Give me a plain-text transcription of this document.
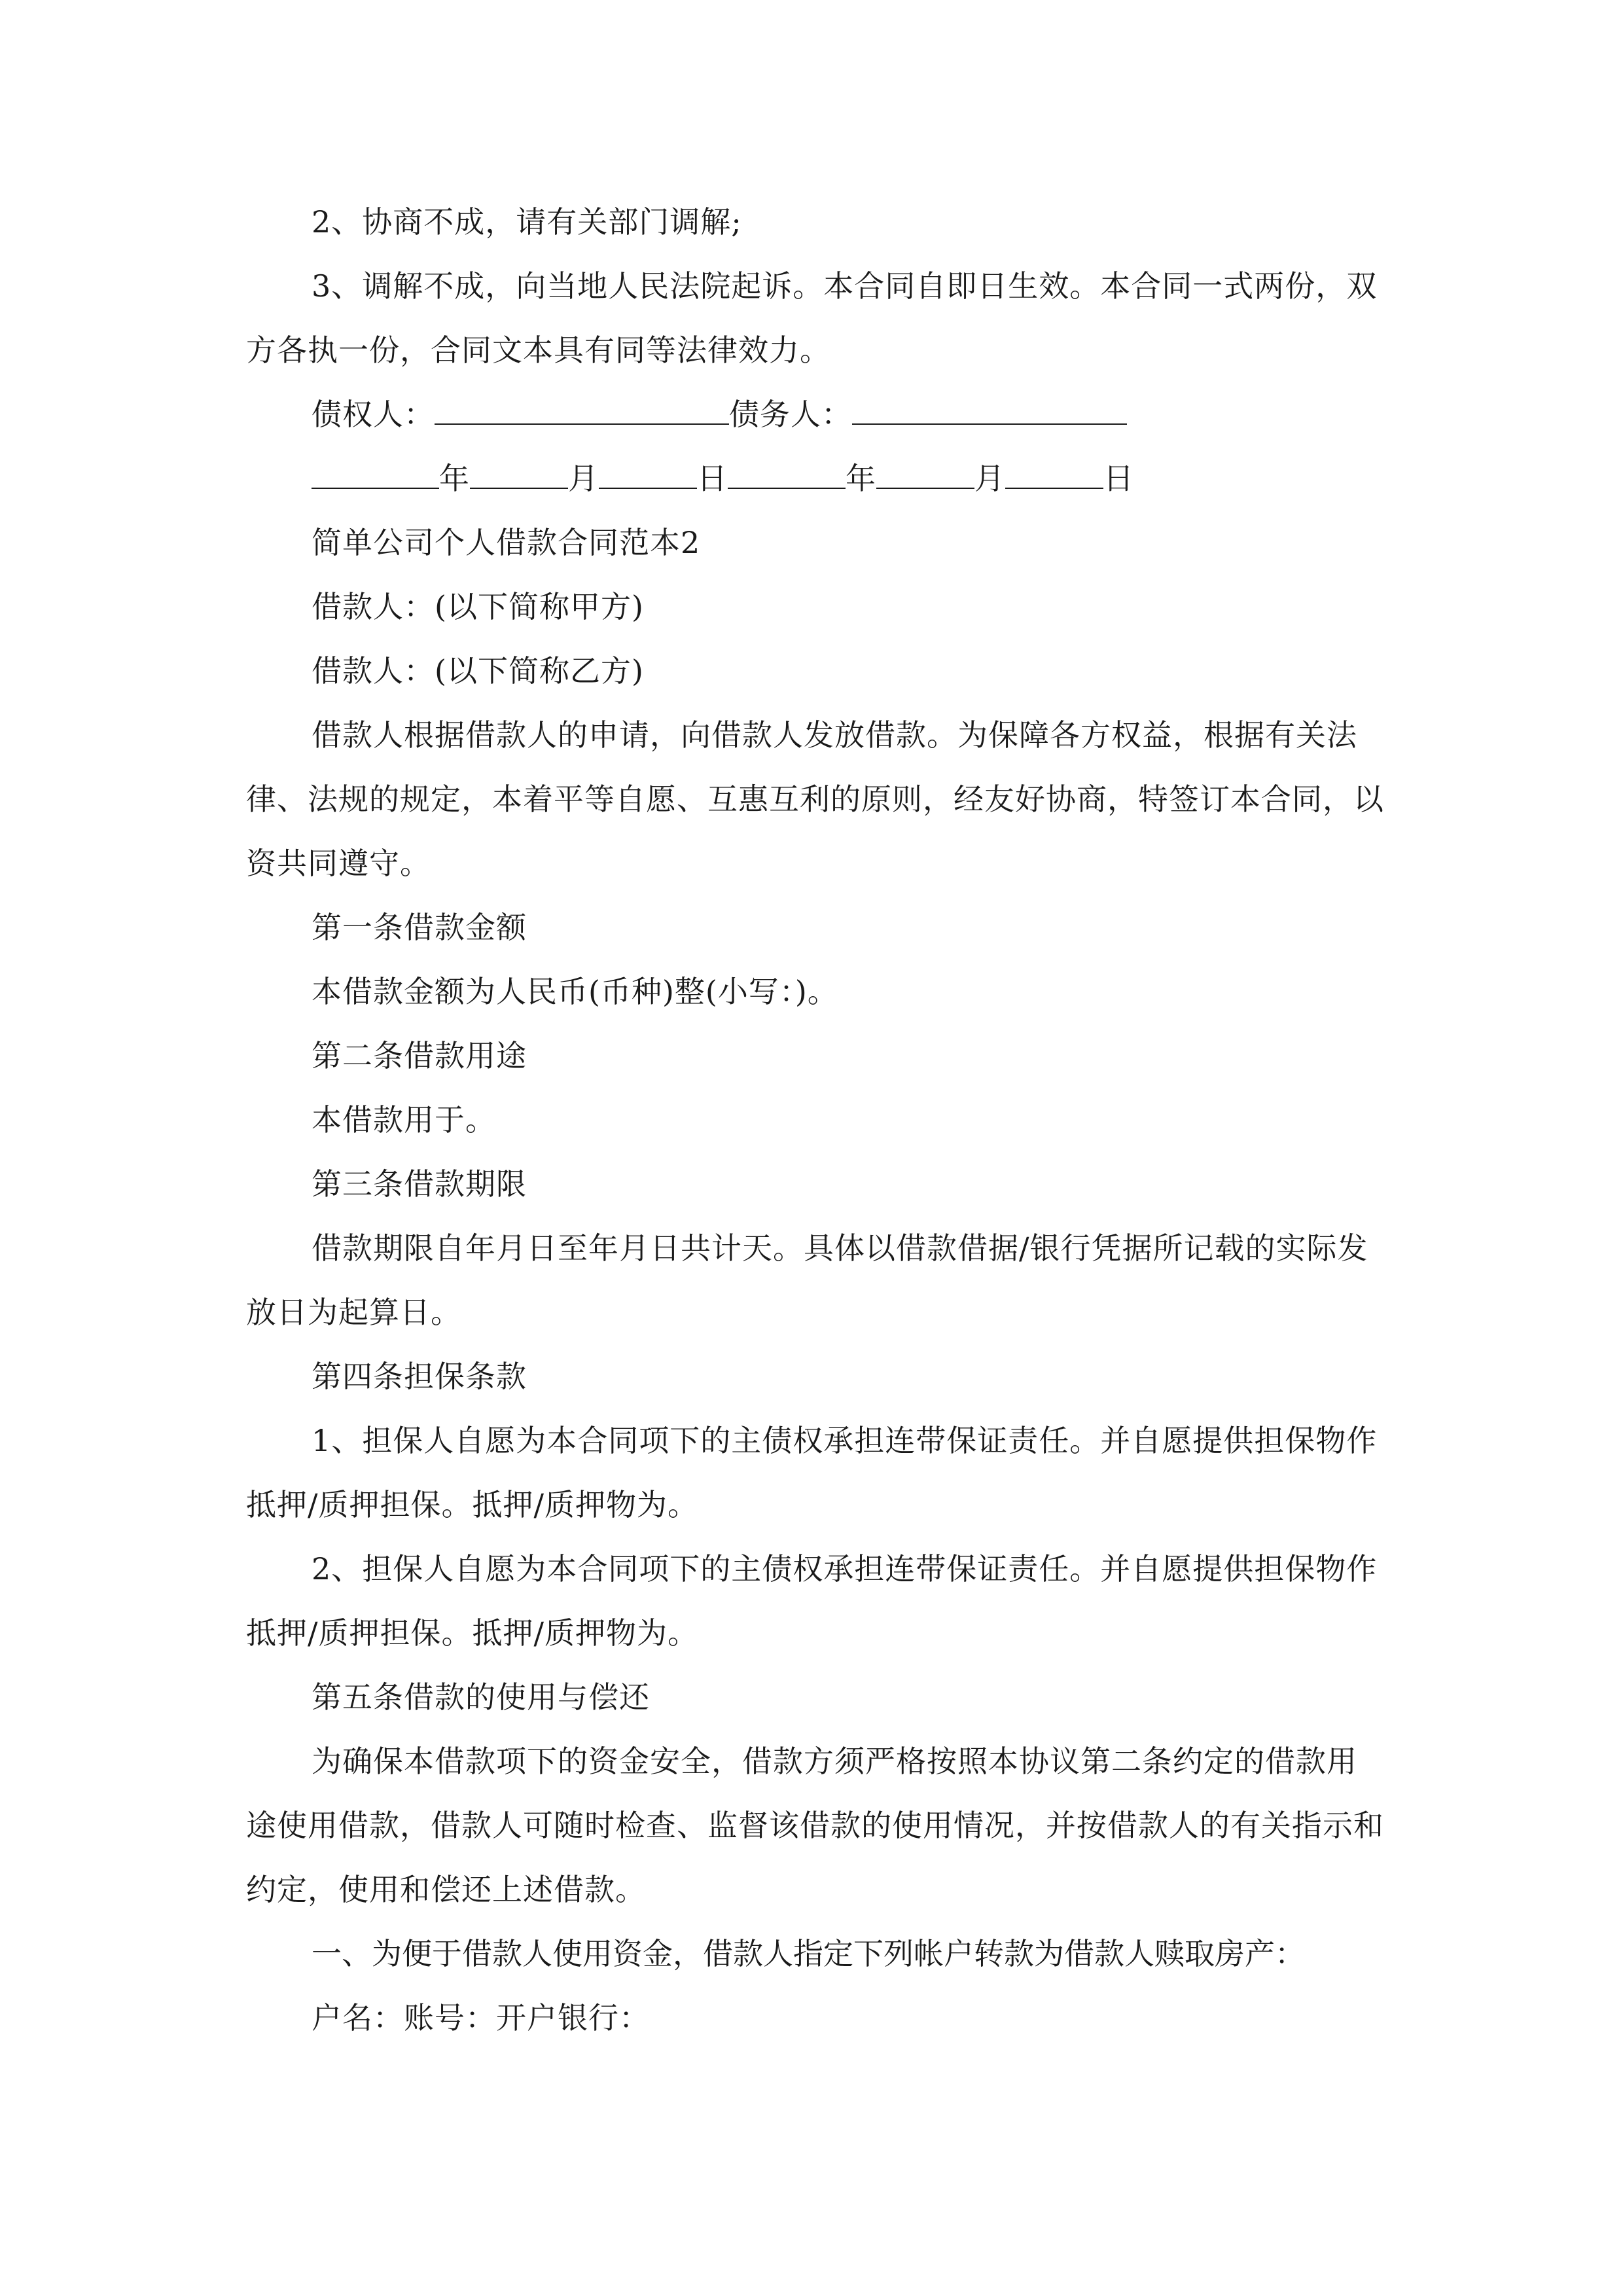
2、协商不成，请有关部门调解;

3、调解不成，向当地人民法院起诉。本合同自即日生效。本合同一式两份，双方各执一份，合同文本具有同等法律效力。

债权人：	债务人：
年	月	日	年	月	日

简单公司个人借款合同范本2

借款人：(以下简称甲方)

借款人：(以下简称乙方)

借款人根据借款人的申请，向借款人发放借款。为保障各方权益，根据有关法律、法规的规定，本着平等自愿、互惠互利的原则，经友好协商，特签订本合同，以资共同遵守。

第一条借款金额

本借款金额为人民币(币种)整(小写：)。

第二条借款用途

本借款用于。

第三条借款期限

借款期限自年月日至年月日共计天。具体以借款借据/银行凭据所记载的实际发放日为起算日。

第四条担保条款

1、担保人自愿为本合同项下的主债权承担连带保证责任。并自愿提供担保物作抵押/质押担保。抵押/质押物为。

2、担保人自愿为本合同项下的主债权承担连带保证责任。并自愿提供担保物作抵押/质押担保。抵押/质押物为。

第五条借款的使用与偿还

为确保本借款项下的资金安全，借款方须严格按照本协议第二条约定的借款用途使用借款，借款人可随时检查、监督该借款的使用情况，并按借款人的有关指示和约定，使用和偿还上述借款。

一、为便于借款人使用资金，借款人指定下列帐户转款为借款人赎取房产：

户名：账号：开户银行：
